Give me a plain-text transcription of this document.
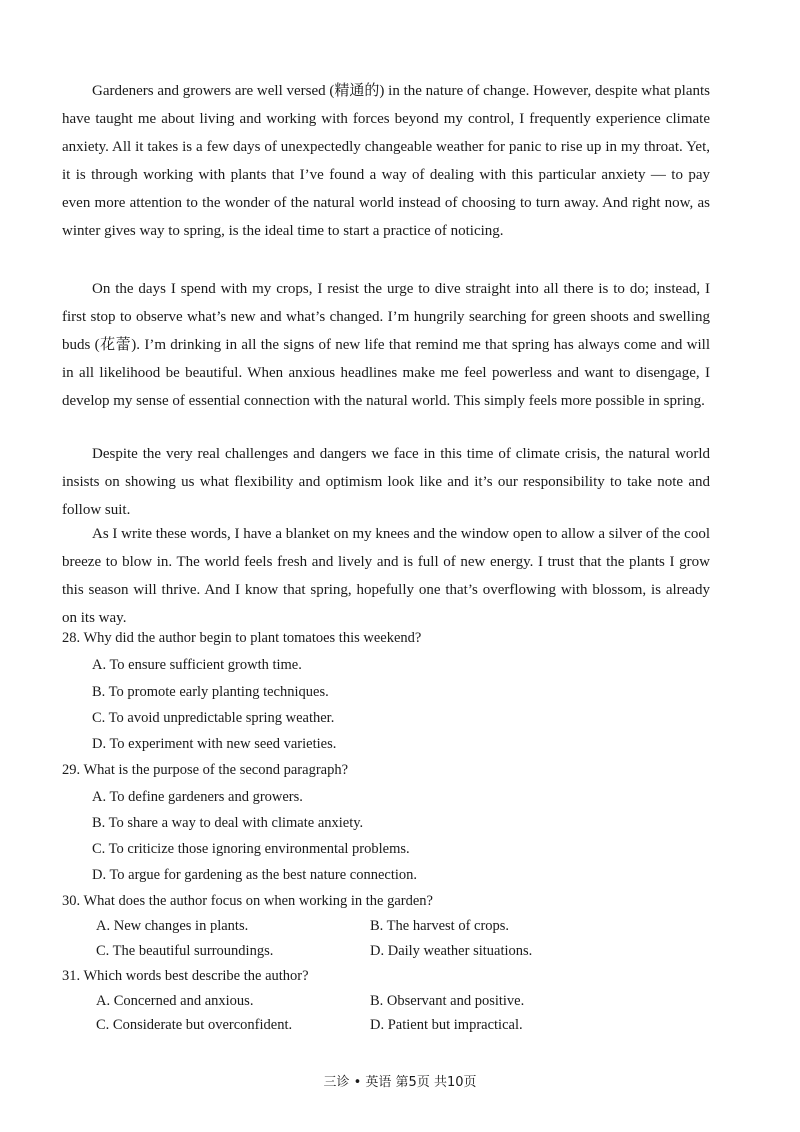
Gardeners and growers are well versed (精通的) in the nature of change. However, despite what plants have taught me about living and working with forces beyond my control, I frequently experience climate anxiety. All it takes is a few days of unexpectedly changeable weather for panic to rise up in my throat. Yet, it is through working with plants that I’ve found a way of dealing with this particular anxiety — to pay even more attention to the wonder of the natural world instead of choosing to turn away. And right now, as winter gives way to spring, is the ideal time to start a practice of noticing.

On the days I spend with my crops, I resist the urge to dive straight into all there is to do; instead, I first stop to observe what’s new and what’s changed. I’m hungrily searching for green shoots and swelling buds (花蕾). I’m drinking in all the signs of new life that remind me that spring has always come and will in all likelihood be beautiful. When anxious headlines make me feel powerless and want to disengage, I develop my sense of essential connection with the natural world. This simply feels more possible in spring.

Despite the very real challenges and dangers we face in this time of climate crisis, the natural world insists on showing us what flexibility and optimism look like and it’s our responsibility to take note and follow suit.

As I write these words, I have a blanket on my knees and the window open to allow a silver of the cool breeze to blow in. The world feels fresh and lively and is full of new energy. I trust that the plants I grow this season will thrive. And I know that spring, hopefully one that’s overflowing with blossom, is already on its way.

28. Why did the author begin to plant tomatoes this weekend?

A. To ensure sufficient growth time.

B. To promote early planting techniques.

C. To avoid unpredictable spring weather.

D. To experiment with new seed varieties.

29. What is the purpose of the second paragraph?

A. To define gardeners and growers.

B. To share a way to deal with climate anxiety.

C. To criticize those ignoring environmental problems.

D. To argue for gardening as the best nature connection.

30. What does the author focus on when working in the garden?

A. New changes in plants.	B. The harvest of crops.

C. The beautiful surroundings.	D. Daily weather situations.

31. Which words best describe the author?

A. Concerned and anxious.	B. Observant and positive.

C. Considerate but overconfident.	D. Patient but impractical.

三诊 • 英语 第5页 共10页
